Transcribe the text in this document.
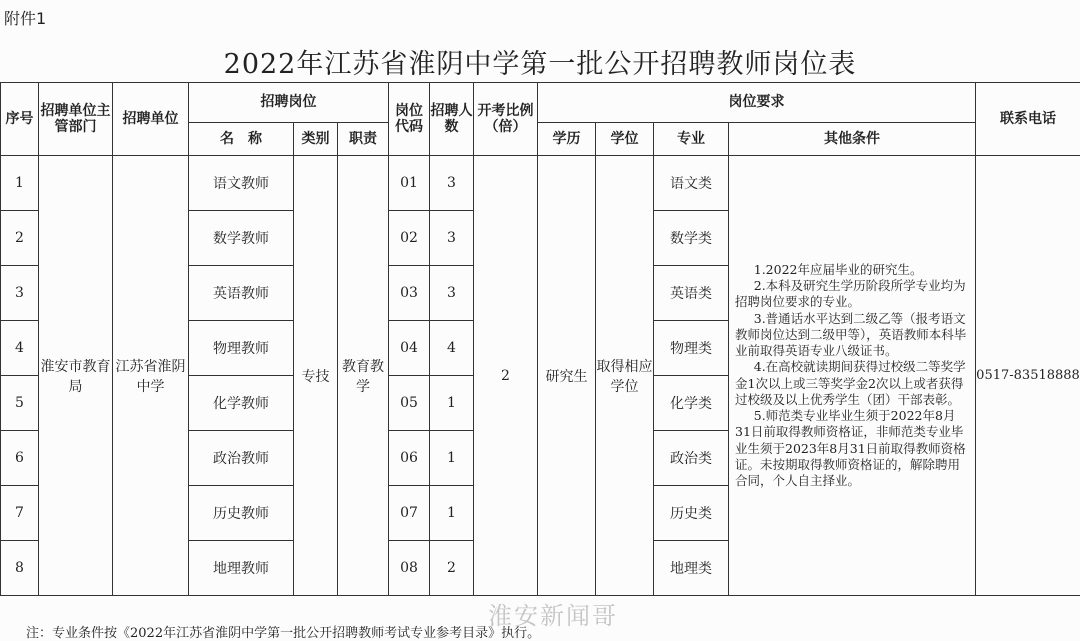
附件1
2022年江苏省淮阴中学第一批公开招聘教师岗位表
序号	招聘单位主管部门	招聘单位	招聘岗位			岗位代码	招聘人数	开考比例（倍）	岗位要求				联系电话
			名　称	类别	职责				学历	学位	专业	其他条件	
1	淮安市教育局	江苏省淮阴中学	语文教师	专技	教育教学	01	3	2	研究生	取得相应学位	语文类	1.2022年应届毕业的研究生。

2.本科及研究生学历阶段所学专业均为招聘岗位要求的专业。

3.普通话水平达到二级乙等（报考语文教师岗位达到二级甲等），英语教师本科毕业前取得英语专业八级证书。

4.在高校就读期间获得过校级二等奖学金1次以上或三等奖学金2次以上或者获得过校级及以上优秀学生（团）干部表彰。

5.师范类专业毕业生须于2022年8月31日前取得教师资格证，非师范类专业毕业生须于2023年8月31日前取得教师资格证。未按期取得教师资格证的，解除聘用合同，个人自主择业。	0517-83518888
2			数学教师			02	3				数学类		
3			英语教师			03	3				英语类		
4			物理教师			04	4				物理类		
5			化学教师			05	1				化学类		
6			政治教师			06	1				政治类		
7			历史教师			07	1				历史类		
8			地理教师			08	2				地理类		
淮安新闻哥
注：专业条件按《2022年江苏省淮阴中学第一批公开招聘教师考试专业参考目录》执行。
